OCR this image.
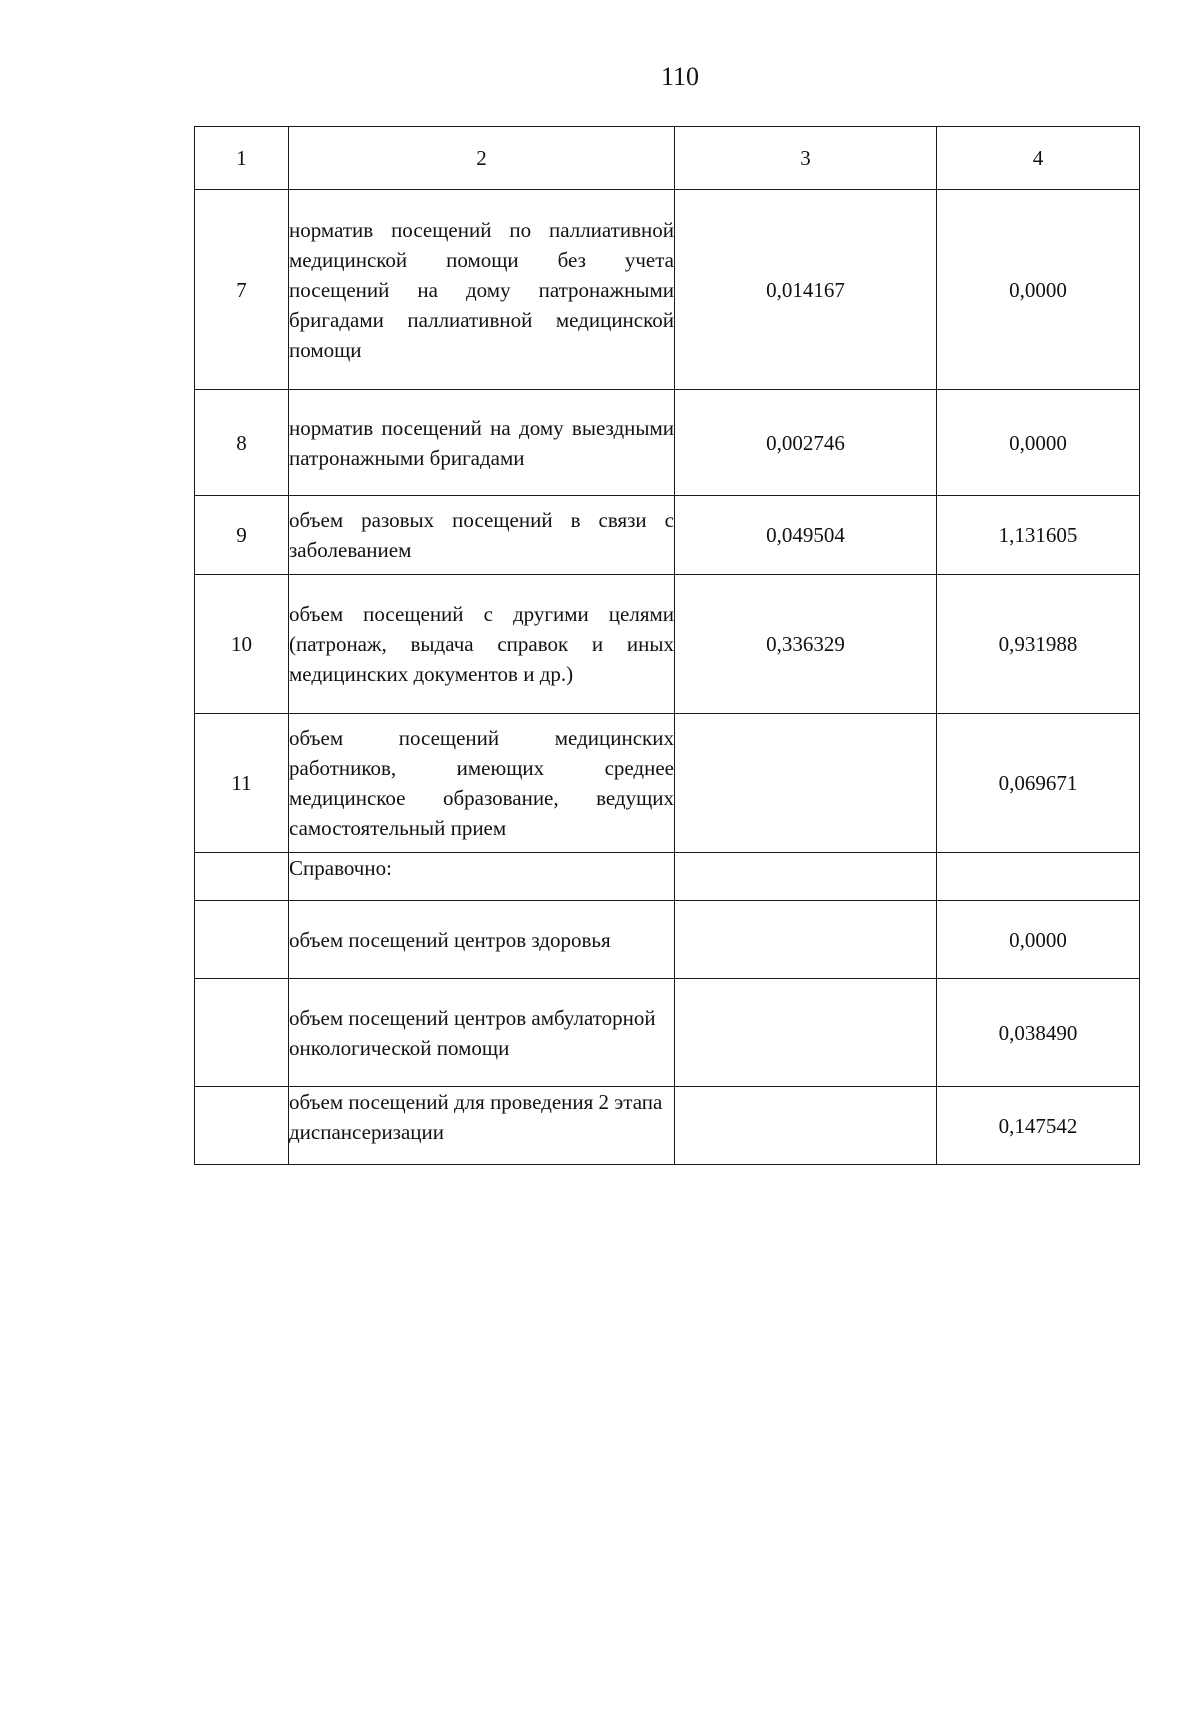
110
1	2	3	4
7	норматив посещений по паллиативной медицинской помощи без учета посещений на дому патронажными бригадами паллиативной медицинской помощи	0,014167	0,0000
8	норматив посещений на дому выездными патронажными бригадами	0,002746	0,0000
9	объем разовых посещений в связи с заболеванием	0,049504	1,131605
10	объем посещений с другими целями (патронаж, выдача справок и иных медицинских документов и др.)	0,336329	0,931988
11	объем посещений медицинских работников, имеющих среднее медицинское образование, ведущих самостоятельный прием		0,069671
	Справочно:		
	объем посещений центров здоровья		0,0000
	объем посещений центров амбулаторной онкологической помощи		0,038490
	объем посещений для проведения 2 этапа диспансеризации		0,147542
